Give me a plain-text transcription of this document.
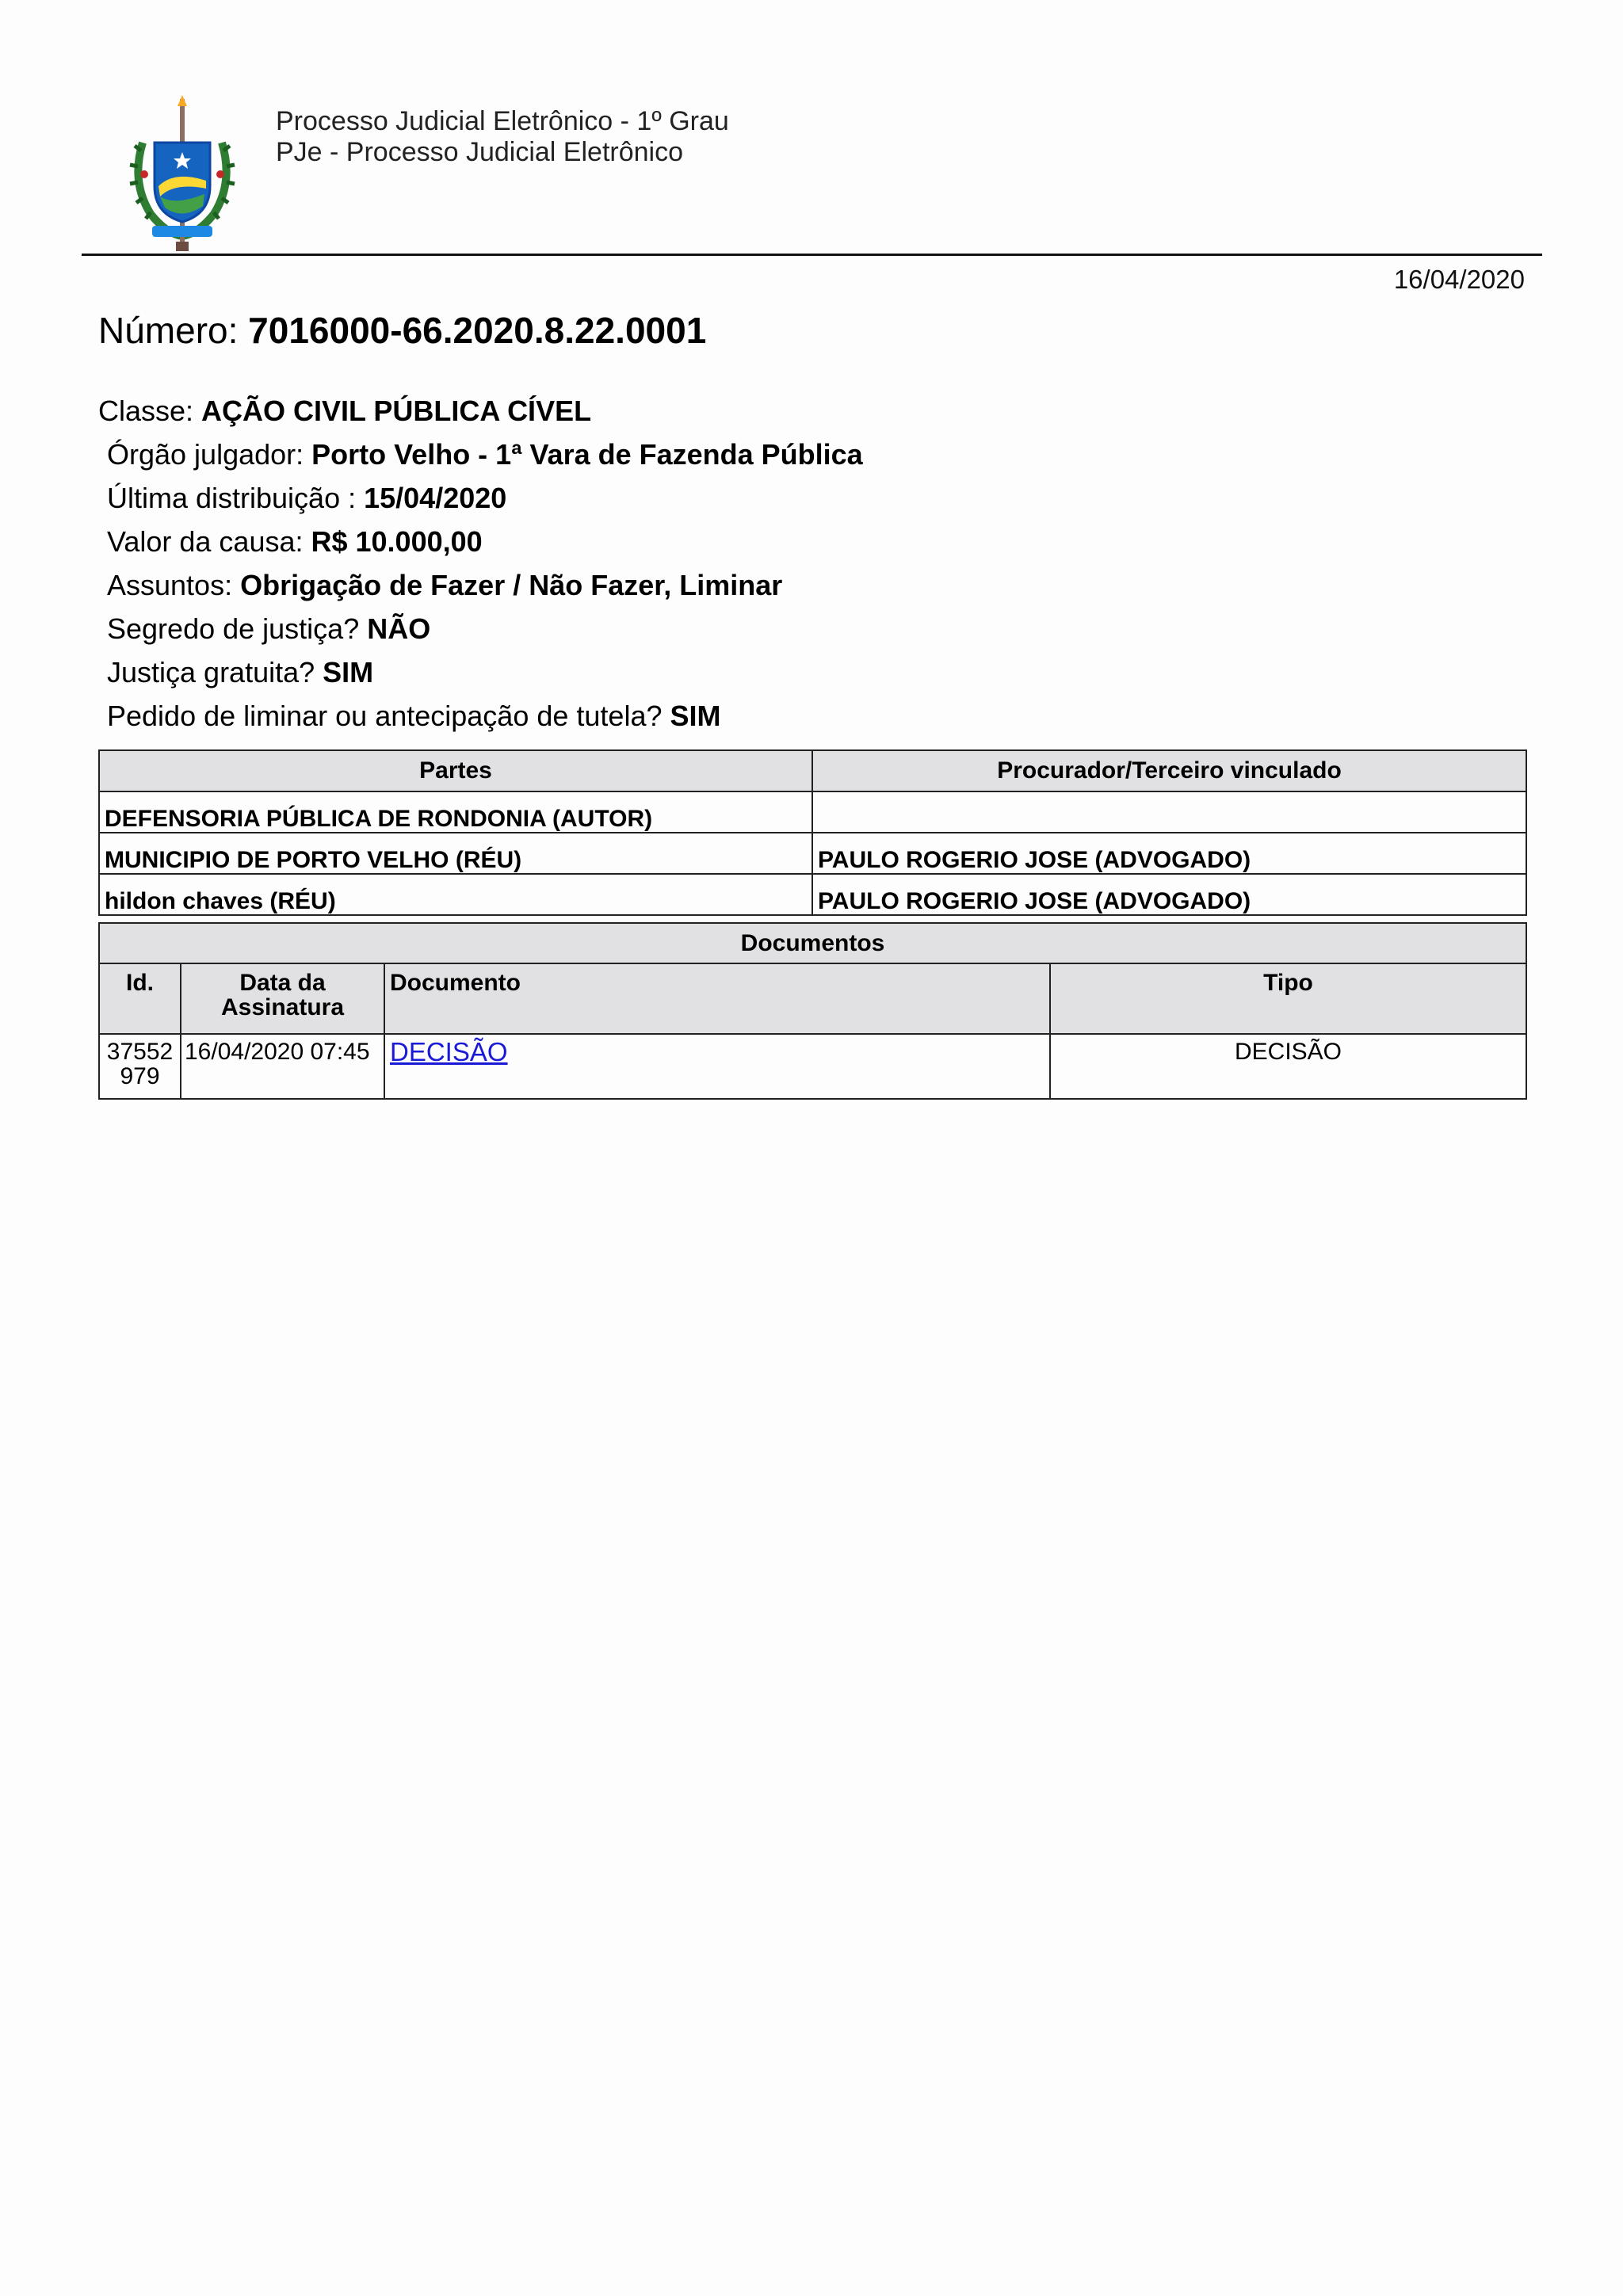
Processo Judicial Eletrônico - 1º Grau
PJe - Processo Judicial Eletrônico
16/04/2020
Número: 7016000-66.2020.8.22.0001
Classe: AÇÃO CIVIL PÚBLICA CÍVEL
Órgão julgador: Porto Velho - 1ª Vara de Fazenda Pública
Última distribuição : 15/04/2020
Valor da causa: R$ 10.000,00
Assuntos: Obrigação de Fazer / Não Fazer, Liminar
Segredo de justiça? NÃO
Justiça gratuita? SIM
Pedido de liminar ou antecipação de tutela? SIM
Partes	Procurador/Terceiro vinculado
DEFENSORIA PÚBLICA DE RONDONIA (AUTOR)	
MUNICIPIO DE PORTO VELHO (RÉU)	PAULO ROGERIO JOSE (ADVOGADO)
hildon chaves (RÉU)	PAULO ROGERIO JOSE (ADVOGADO)
Documentos			
Id.	Data da Assinatura	Documento	Tipo
37552 979	16/04/2020 07:45	DECISÃO	DECISÃO
